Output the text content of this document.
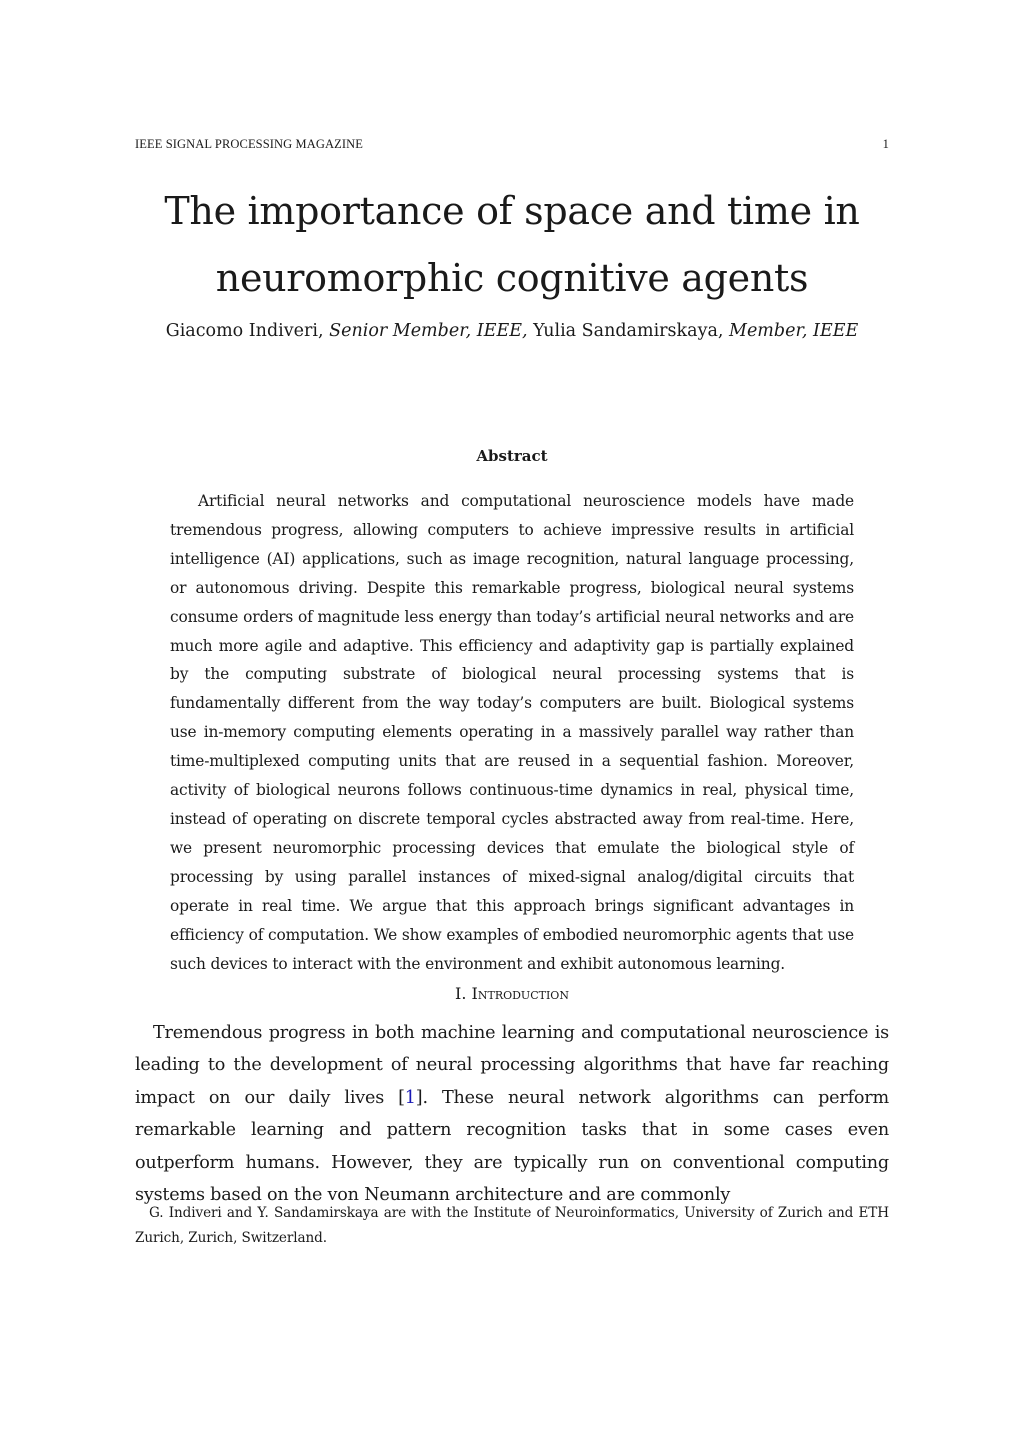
IEEE SIGNAL PROCESSING MAGAZINE	1
The importance of space and time in
neuromorphic cognitive agents
Giacomo Indiveri, Senior Member, IEEE, Yulia Sandamirskaya, Member, IEEE
Abstract

Artificial neural networks and computational neuroscience models have made tremendous progress, allowing computers to achieve impressive results in artificial intelligence (AI) applications, such as image recognition, natural language processing, or autonomous driving. Despite this remarkable progress, biological neural systems consume orders of magnitude less energy than today’s artificial neural networks and are much more agile and adaptive. This efficiency and adaptivity gap is partially explained by the computing substrate of biological neural processing systems that is fundamentally different from the way today’s computers are built. Biological systems use in-memory computing elements operating in a massively parallel way rather than time-multiplexed computing units that are reused in a sequential fashion. Moreover, activity of biological neurons follows continuous-time dynamics in real, physical time, instead of operating on discrete temporal cycles abstracted away from real-time. Here, we present neuromorphic processing devices that emulate the biological style of processing by using parallel instances of mixed-signal analog/digital circuits that operate in real time. We argue that this approach brings significant advantages in efficiency of computation. We show examples of embodied neuromorphic agents that use such devices to interact with the environment and exhibit autonomous learning.

I. Introduction

Tremendous progress in both machine learning and computational neuroscience is leading to the development of neural processing algorithms that have far reaching impact on our daily lives [1]. These neural network algorithms can perform remarkable learning and pattern recognition tasks that in some cases even outperform humans. However, they are typically run on conventional computing systems based on the von Neumann architecture and are commonly

G. Indiveri and Y. Sandamirskaya are with the Institute of Neuroinformatics, University of Zurich and ETH Zurich, Zurich, Switzerland.
